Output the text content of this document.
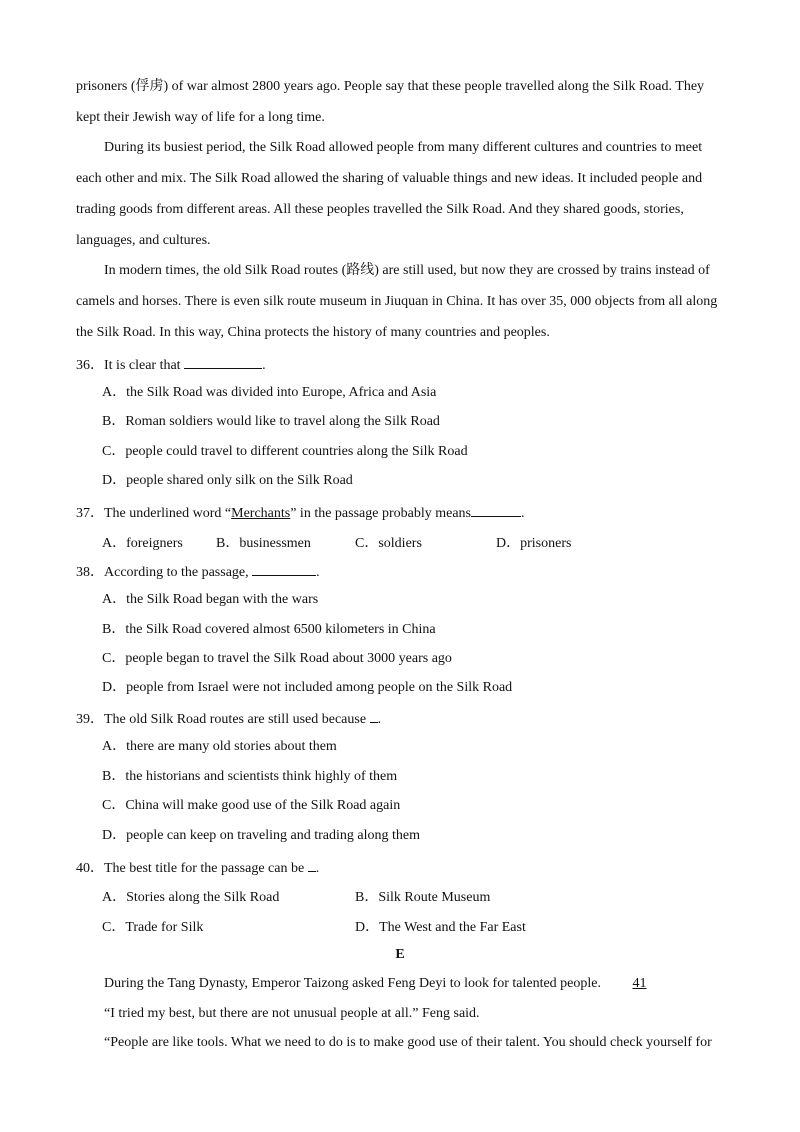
prisoners (俘虏) of war almost 2800 years ago. People say that these people travelled along the Silk Road. They
kept their Jewish way of life for a long time.
During its busiest period, the Silk Road allowed people from many different cultures and countries to meet
each other and mix. The Silk Road allowed the sharing of valuable things and new ideas. It included people and
trading goods from different areas. All these peoples travelled the Silk Road. And they shared goods, stories,
languages, and cultures.
In modern times, the old Silk Road routes (路线) are still used, but now they are crossed by trains instead of
camels and horses. There is even silk route museum in Jiuquan in China. It has over 35, 000 objects from all along
the Silk Road. In this way, China protects the history of many countries and peoples.
36．It is clear that	.
A．the Silk Road was divided into Europe, Africa and Asia
B．Roman soldiers would like to travel along the Silk Road
C．people could travel to different countries along the Silk Road
D．people shared only silk on the Silk Road
37．The underlined word “Merchants” in the passage probably means	.
A．foreigners B．businessmen	C．soldiers	D．prisoners
38．According to the passage,	.
A．the Silk Road began with the wars
B．the Silk Road covered almost 6500 kilometers in China
C．people began to travel the Silk Road about 3000 years ago
D．people from Israel were not included among people on the Silk Road
39．The old Silk Road routes are still used because .
A．there are many old stories about them
B．the historians and scientists think highly of them
C．China will make good use of the Silk Road again
D．people can keep on traveling and trading along them
40．The best title for the passage can be .
A．Stories along the Silk Road	B．Silk Route Museum
C．Trade for Silk	D．The West and the Far East
E
During the Tang Dynasty, Emperor Taizong asked Feng Deyi to look for talented people. 41
“I tried my best, but there are not unusual people at all.” Feng said.
“People are like tools. What we need to do is to make good use of their talent. You should check yourself for
